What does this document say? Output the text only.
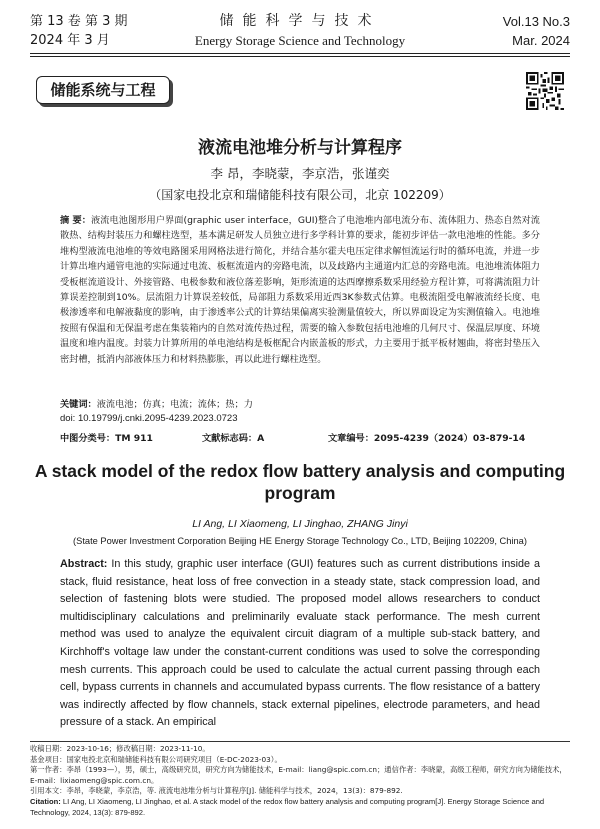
第 13 卷 第 3 期
2024 年 3 月
储能科学与技术
Energy Storage Science and Technology
Vol.13 No.3
Mar. 2024
储能系统与工程
液流电池堆分析与计算程序
李 昂，李晓蒙，李京浩，张谨奕
（国家电投北京和瑞储能科技有限公司，北京 102209）
摘 要：液流电池图形用户界面(graphic user interface，GUI)整合了电池堆内部电流分布、流体阻力、热态自然对流散热、结构封装压力和螺柱选型，基本满足研发人员独立进行多学科计算的要求，能初步评估一款电池堆的性能。多分堆构型液流电池堆的等效电路图采用网格法进行简化，并结合基尔霍夫电压定律求解恒流运行时的循环电流，并进一步计算出堆内通管电池的实际通过电流、板框流道内的旁路电流，以及歧路内主通道内汇总的旁路电流。电池堆流体阻力受板框流道设计、外接管路、电极参数和液位落差影响，矩形流道的达西摩擦系数采用经验方程计算，可将满流阻力计算误差控制到10%。层流阻力计算误差较低，局部阻力系数采用近西3K参数式估算。电极流阻受电解液流经长度、电极渗透率和电解液黏度的影响，由于渗透率公式的计算结果偏离实验测量值较大，所以界面设定为实测值输入。电池堆按照有保温和无保温考虑在集装箱内的自然对流传热过程，需要的输入参数包括电池堆的几何尺寸、保温层厚度、环境温度和堆内温度。封装力计算所用的单电池结构是板框配合内嵌盖板的形式，力主要用于抵平板材翘曲，将密封垫压入密封槽，抵消内部液体压力和材料热膨胀，再以此进行螺柱选型。
关键词：液流电池；仿真；电流；流体；热；力
doi: 10.19799/j.cnki.2095-4239.2023.0723
中图分类号：TM 911	文献标志码：A	文章编号：2095-4239（2024）03-879-14
A stack model of the redox flow battery analysis and computing program
LI Ang, LI Xiaomeng, LI Jinghao, ZHANG Jinyi
(State Power Investment Corporation Beijing HE Energy Storage Technology Co., LTD, Beijing 102209, China)
Abstract: In this study, graphic user interface (GUI) features such as current distributions inside a stack, fluid resistance, heat loss of free convection in a steady state, stack compression load, and selection of fastening blots were studied. The proposed model allows researchers to conduct multidisciplinary calculations and preliminarily evaluate stack performance. The mesh current method was used to analyze the equivalent circuit diagram of a multiple sub-stack battery, and Kirchhoff's voltage law under the constant-current conditions was used to solve the corresponding mesh currents. This approach could be used to calculate the actual current passing through each cell, bypass currents in channels and accumulated bypass currents. The flow resistance of a battery was indirectly affected by flow channels, stack external pipelines, electrode parameters, and head pressure of a stack. An empirical
收稿日期：2023-10-16；修改稿日期：2023-11-10。
基金项目：国家电投北京和瑞储能科技有限公司研究项目（E-DC-2023-03）。
第一作者：李昂（1993—），男，硕士，高级研究员，研究方向为储能技术，E-mail：liang@spic.com.cn；通信作者：李晓蒙，高级工程师，研究方向为储能技术，E-mail：lixiaomeng@spic.com.cn。
引用本文：李昂，李晓蒙，李京浩，等. 液流电池堆分析与计算程序[J]. 储能科学与技术，2024，13(3)：879-892.
Citation: LI Ang, LI Xiaomeng, LI Jinghao, et al. A stack model of the redox flow battery analysis and computing program[J]. Energy Storage Science and Technology, 2024, 13(3): 879-892.
